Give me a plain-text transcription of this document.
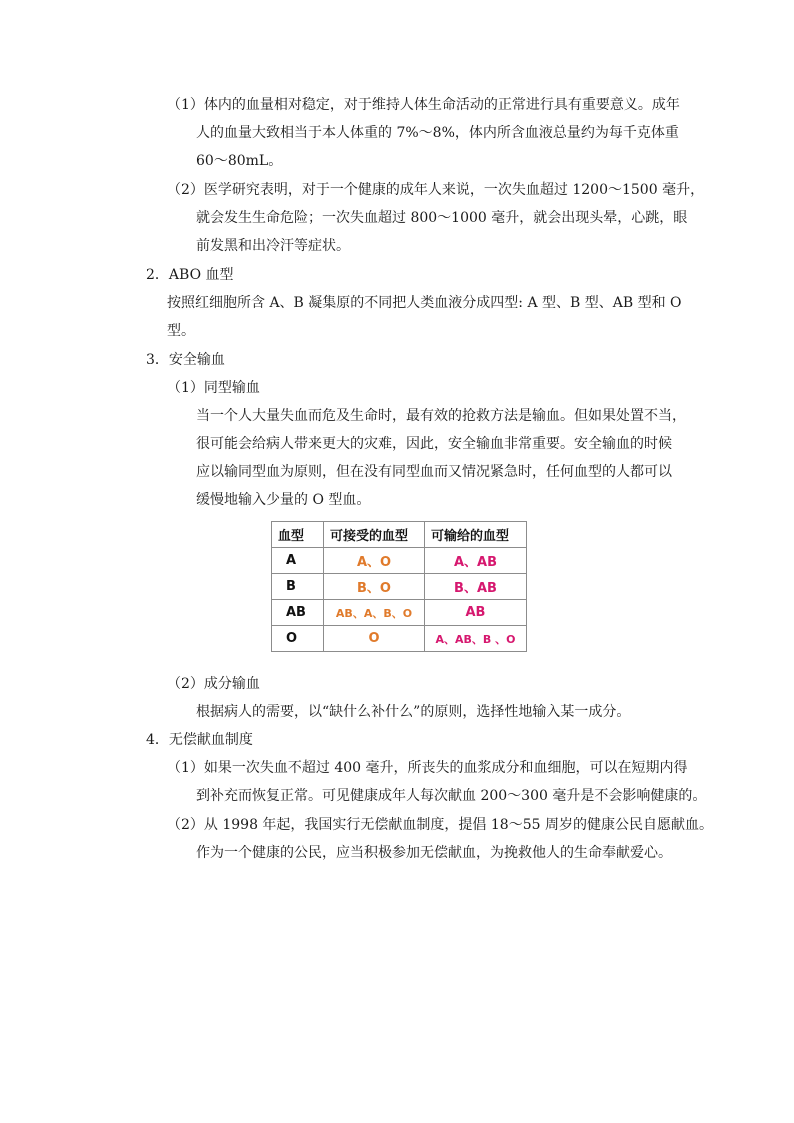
（1）体内的血量相对稳定，对于维持人体生命活动的正常进行具有重要意义。成年
人的血量大致相当于本人体重的 7%～8%，体内所含血液总量约为每千克体重
60～80mL。
（2）医学研究表明，对于一个健康的成年人来说，一次失血超过 1200～1500 毫升，
就会发生生命危险；一次失血超过 800～1000 毫升，就会出现头晕，心跳，眼
前发黑和出冷汗等症状。
2．ABO 血型
按照红细胞所含 A、B 凝集原的不同把人类血液分成四型: A 型、B 型、AB 型和 O
型。
3．安全输血
（1）同型输血
当一个人大量失血而危及生命时，最有效的抢救方法是输血。但如果处置不当，
很可能会给病人带来更大的灾难，因此，安全输血非常重要。安全输血的时候
应以输同型血为原则，但在没有同型血而又情况紧急时，任何血型的人都可以
缓慢地输入少量的 O 型血。
血型	可接受的血型	可输给的血型
A	A、O	A、AB
B	B、O	B、AB
AB	AB、A、B、O	AB
O	O	A、AB、B 、O
（2）成分输血
根据病人的需要，以“缺什么补什么”的原则，选择性地输入某一成分。
4．无偿献血制度
（1）如果一次失血不超过 400 毫升，所丧失的血浆成分和血细胞，可以在短期内得
到补充而恢复正常。可见健康成年人每次献血 200～300 毫升是不会影响健康的。
（2）从 1998 年起，我国实行无偿献血制度，提倡 18～55 周岁的健康公民自愿献血。
作为一个健康的公民，应当积极参加无偿献血，为挽救他人的生命奉献爱心。
